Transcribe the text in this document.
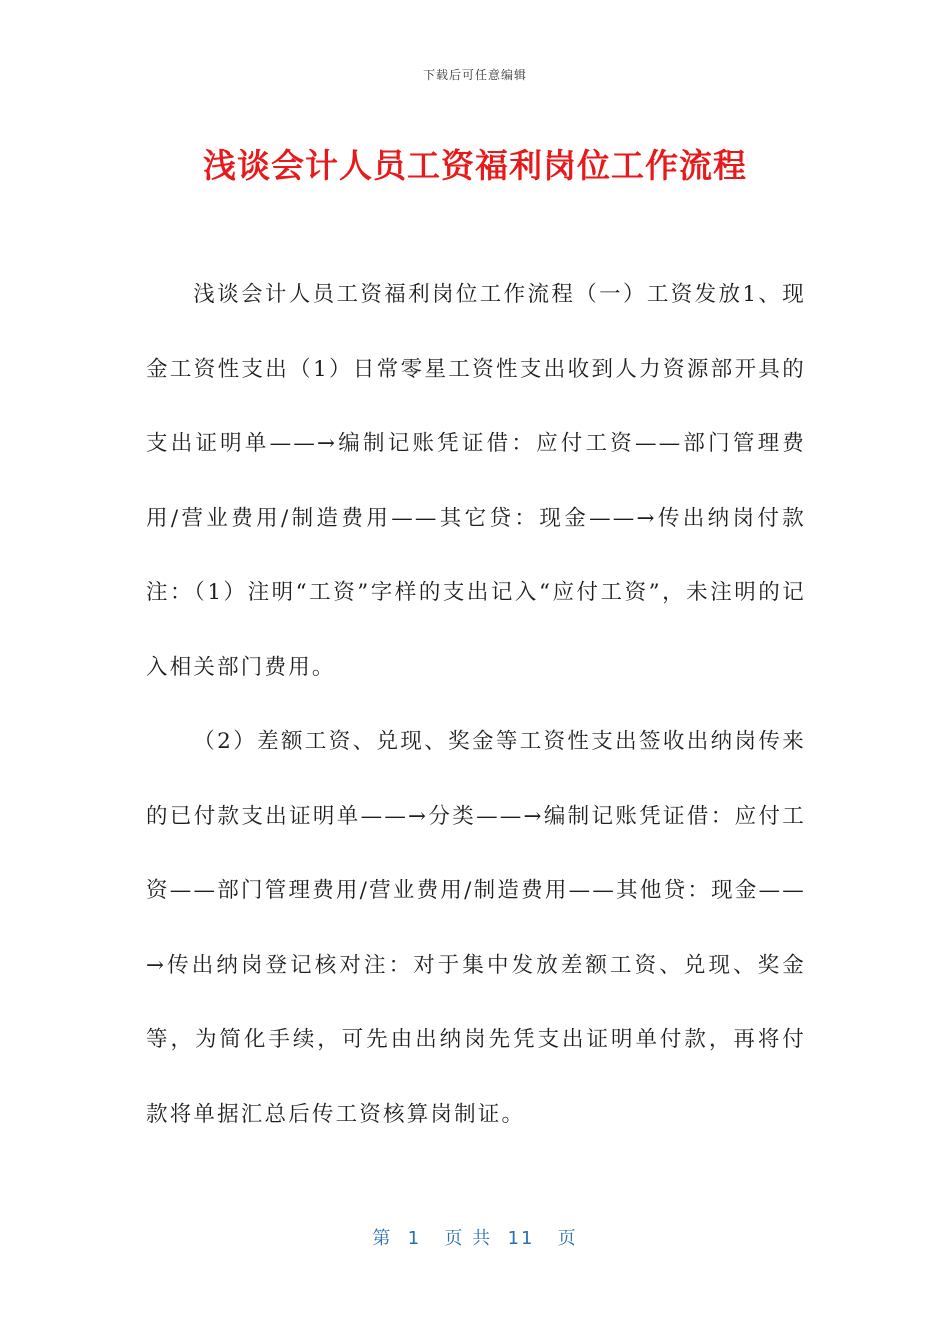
下载后可任意编辑
浅谈会计人员工资福利岗位工作流程

浅谈会计人员工资福利岗位工作流程（一）工资发放1、现金工资性支出（1）日常零星工资性支出收到人力资源部开具的支出证明单——→编制记账凭证借：应付工资——部门管理费用/营业费用/制造费用——其它贷：现金——→传出纳岗付款注：（1）注明“工资”字样的支出记入“应付工资”，未注明的记入相关部门费用。

（2）差额工资、兑现、奖金等工资性支出签收出纳岗传来的已付款支出证明单——→分类——→编制记账凭证借：应付工资——部门管理费用/营业费用/制造费用——其他贷：现金——→传出纳岗登记核对注：对于集中发放差额工资、兑现、奖金等，为简化手续，可先由出纳岗先凭支出证明单付款，再将付款将单据汇总后传工资核算岗制证。

第  1   页 共  11   页
